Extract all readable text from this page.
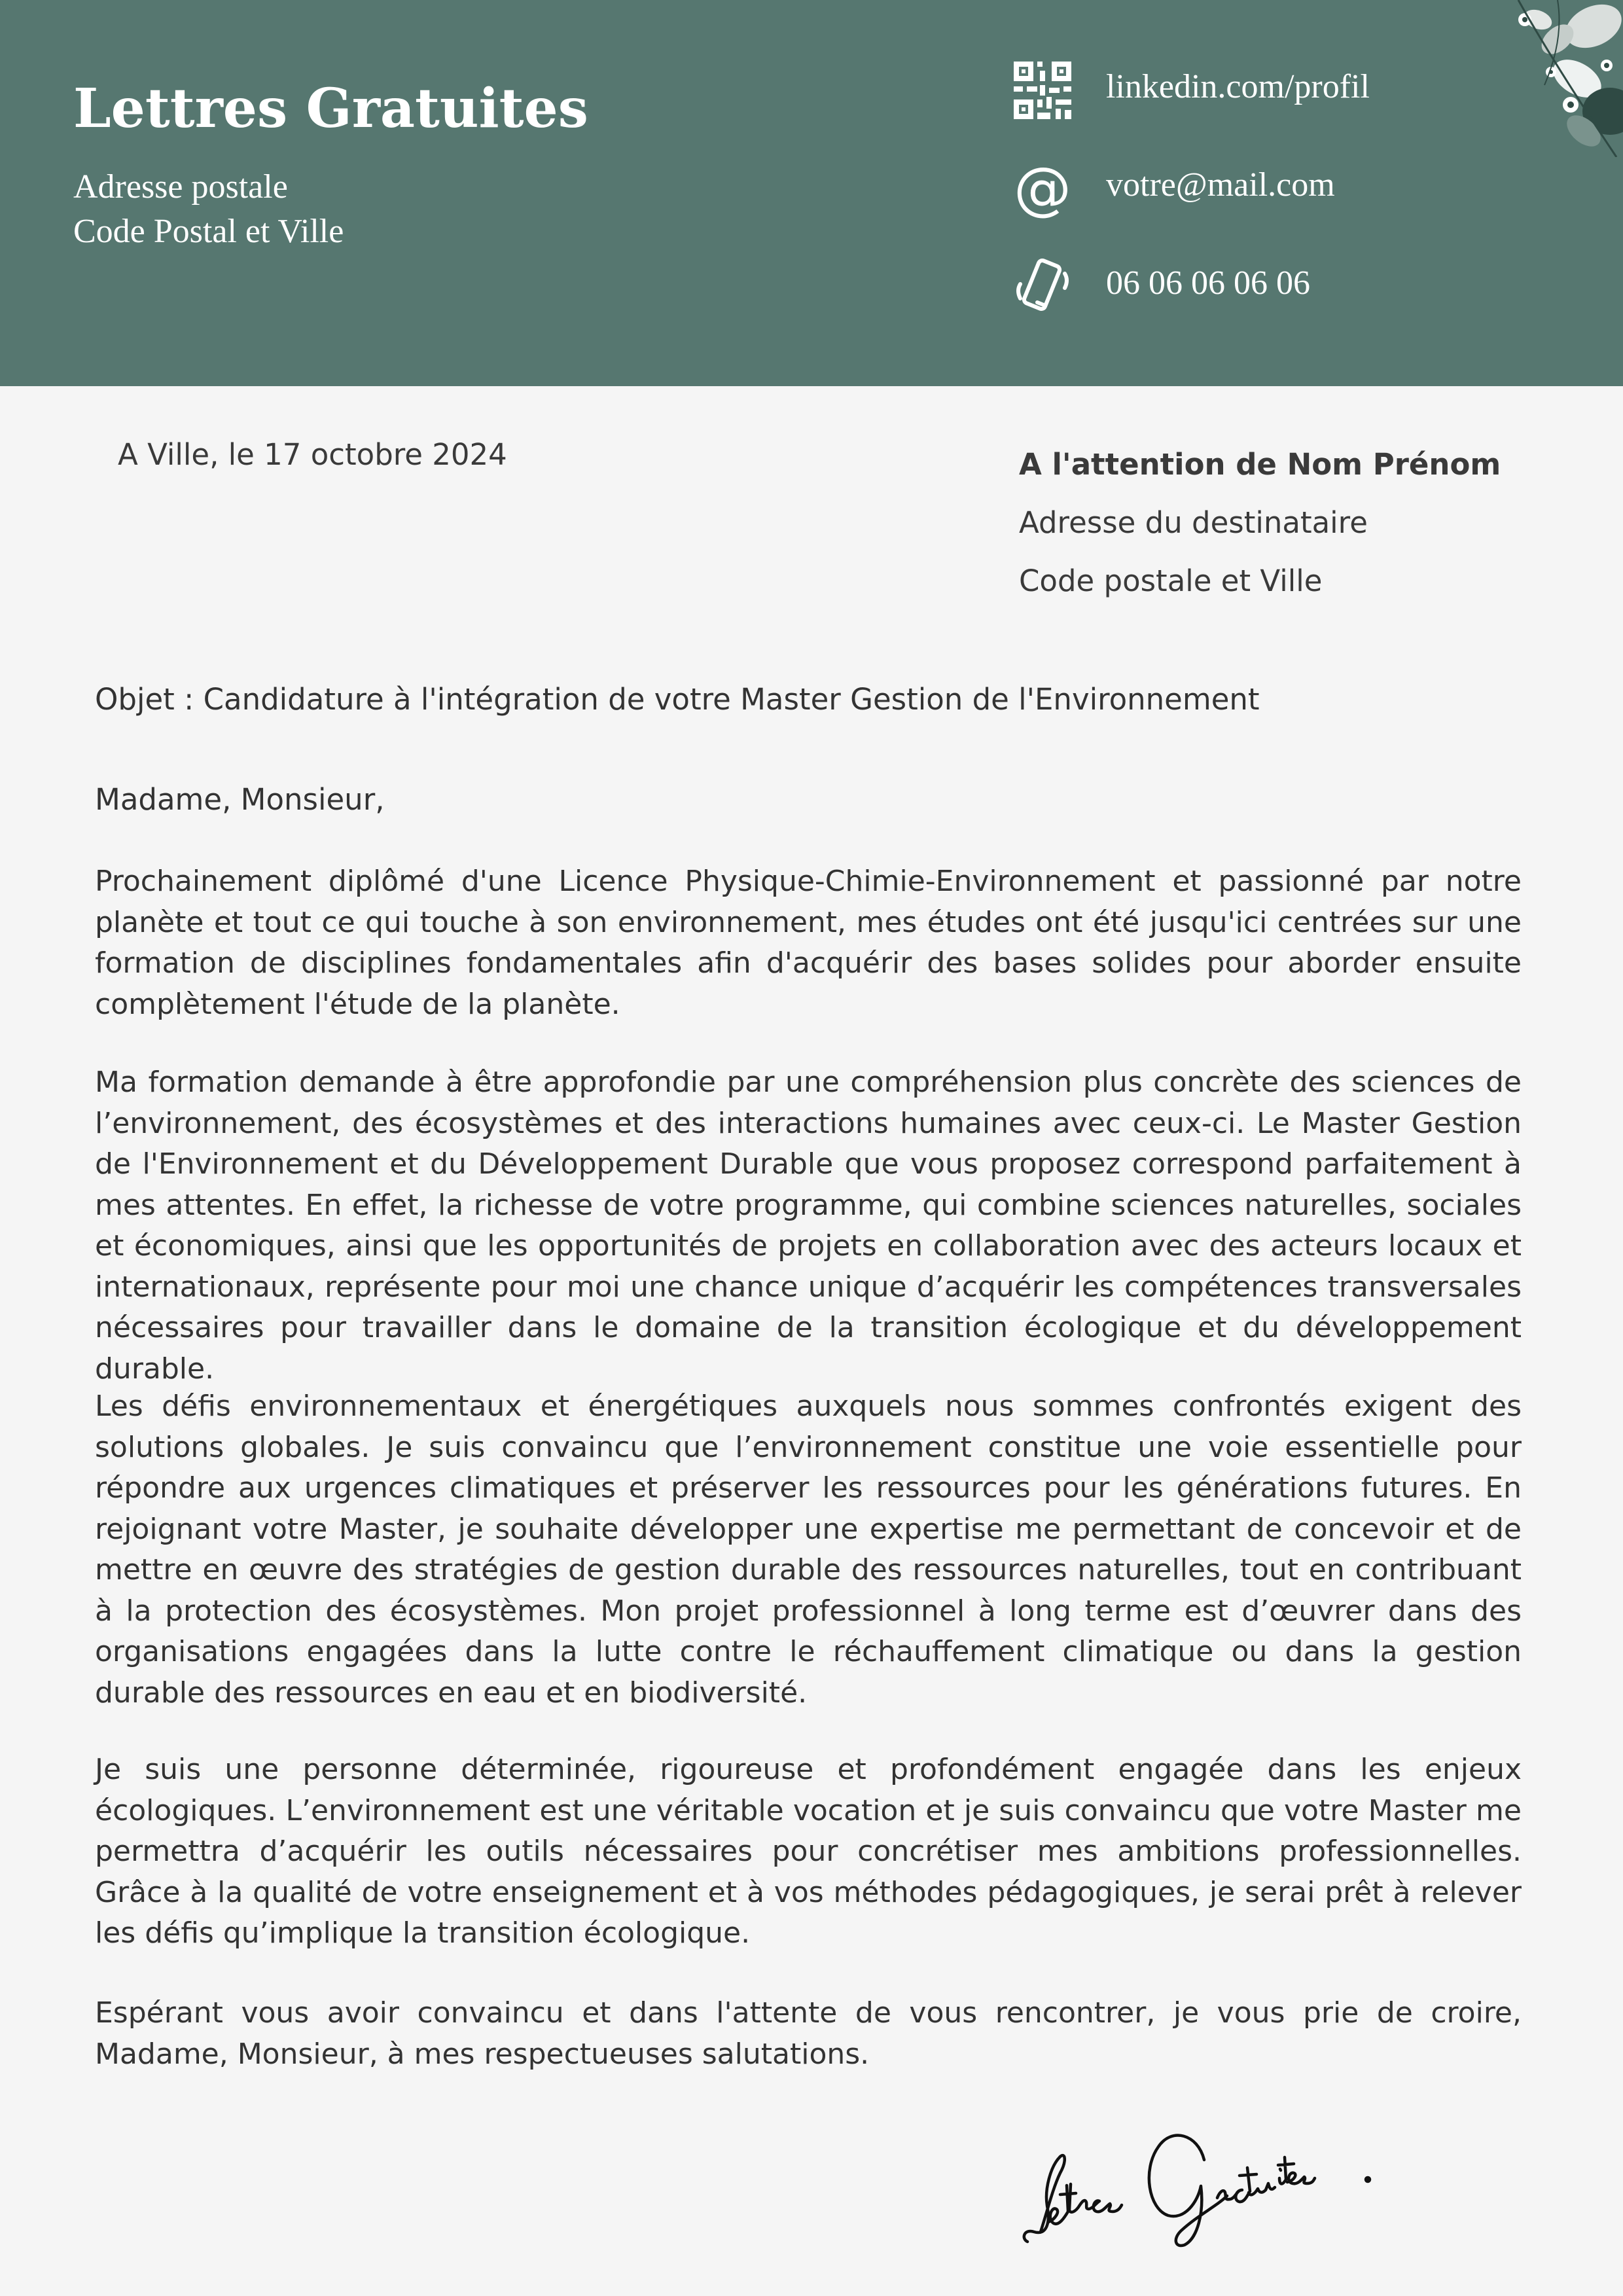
Lettres Gratuites
Adresse postale
Code Postal et Ville
linkedin.com/profil
@ votre@mail.com
06 06 06 06 06
A Ville, le 17 octobre 2024	A l'attention de Nom Prénom
Adresse du destinataire
Code postale et Ville
Objet : Candidature à l'intégration de votre Master Gestion de l'Environnement
Madame, Monsieur,

Prochainement diplômé d'une Licence Physique-Chimie-Environnement et passionné par notre planète et tout ce qui touche à son environnement, mes études ont été jusqu'ici centrées sur une formation de disciplines fondamentales afin d'acquérir des bases solides pour aborder ensuite complètement l'étude de la planète.

Ma formation demande à être approfondie par une compréhension plus concrète des sciences de l’environnement, des écosystèmes et des interactions humaines avec ceux-ci. Le Master Gestion de l'Environnement et du Développement Durable que vous proposez correspond parfaitement à mes attentes. En effet, la richesse de votre programme, qui combine sciences naturelles, sociales et économiques, ainsi que les opportunités de projets en collaboration avec des acteurs locaux et internationaux, représente pour moi une chance unique d’acquérir les compétences transversales nécessaires pour travailler dans le domaine de la transition écologique et du développement durable.

Les défis environnementaux et énergétiques auxquels nous sommes confrontés exigent des solutions globales. Je suis convaincu que l’environnement constitue une voie essentielle pour répondre aux urgences climatiques et préserver les ressources pour les générations futures. En rejoignant votre Master, je souhaite développer une expertise me permettant de concevoir et de mettre en œuvre des stratégies de gestion durable des ressources naturelles, tout en contribuant à la protection des écosystèmes. Mon projet professionnel à long terme est d’œuvrer dans des organisations engagées dans la lutte contre le réchauffement climatique ou dans la gestion durable des ressources en eau et en biodiversité.

Je suis une personne déterminée, rigoureuse et profondément engagée dans les enjeux écologiques. L’environnement est une véritable vocation et je suis convaincu que votre Master me permettra d’acquérir les outils nécessaires pour concrétiser mes ambitions professionnelles. Grâce à la qualité de votre enseignement et à vos méthodes pédagogiques, je serai prêt à relever les défis qu’implique la transition écologique.

Espérant vous avoir convaincu et dans l'attente de vous rencontrer, je vous prie de croire, Madame, Monsieur, à mes respectueuses salutations.
